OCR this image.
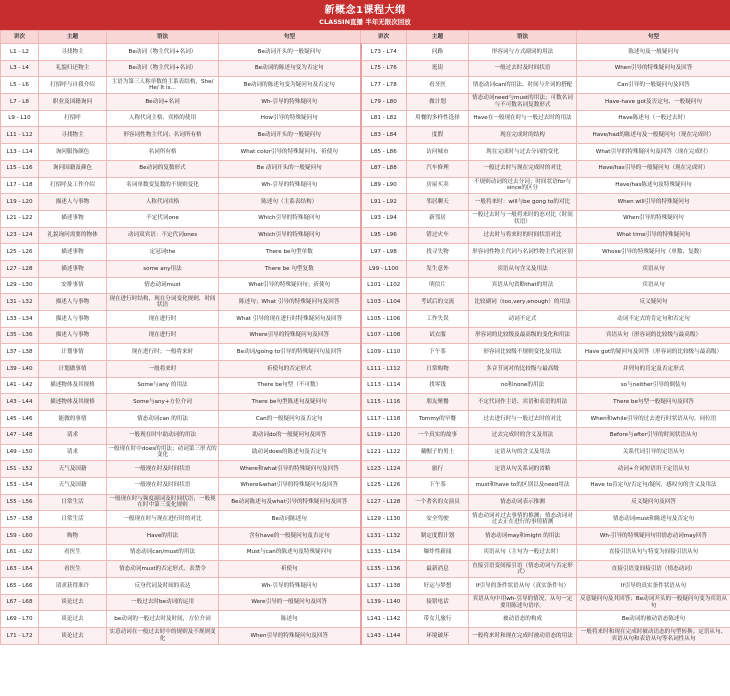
新概念1课程大纲
CLASSIN直播 半年无限次回放
讲次	主题	语法	句型	讲次	主题	语法	句型
L1 - L2	寻找物主	Be动词（物主代词+名词）	Be动词开头的一般疑问句	L73 - L74	问路	形容词与方式副词的用法	陈述句及一般疑问句
L3 - L4	礼貌归还物主	Be动词（物主代词+名词）	Be动词的陈述句变为否定句	L75 - L76	逛街	一般过去时及时间状语	When引导的特殊疑问句及回答
L5 - L6	打招呼与自我介绍	主语为第三人称单数的主系表结构，She/ He/ It is...	Be动词的陈述句变为疑问句及否定句	L77 - L78	看牙医	情态动词can的用法、时间与介词的搭配	Can引导的一般疑问句及回答
L7 - L8	职业及国籍询问	Be动词+名词	Wh-引导的特殊疑问句	L79 - L80	做计划	情态动词need与must的用法；可数名词与不可数名词复数形式	Have-have got及否定句、一般疑问句
L9 - L10	打招呼	人称代词主格、宾格的使用	How引导的特殊疑问句	L81 - L82	用餐的多样性选择	Have在一般现在时与一般过去时的用法	Have陈述句（一般过去时）
L11 - L12	寻找物主	形容词性物主代词；名词所有格	Be动词开头的一般疑问句	L83 - L84	度假	现在完成时的结构	Have/had的陈述句及一般疑问句（现在完成时）
L13 - L14	询问服饰颜色	名词所有格	What color引导的特殊疑问句、祈使句	L85 - L86	访问城市	现在完成时与过去分词的变化	What引导的特殊疑问句及回答（现在完成时）
L15 - L16	询问国籍及颜色	Be动词的复数形式	Be 动词开头的一般疑问句	L87 - L88	汽车修理	一般过去时与现在完成时的对比	Have/has引导的一般疑问句（现在完成时）
L17 - L18	打招呼及工作介绍	名词单数变复数的不规则变化	Wh-引导的特殊疑问句	L89 - L90	房屋买卖	不规则动词的过去分词；时间状语for与since的区分	Have/has陈述句及特殊疑问句
L19 - L20	描述人与事物	人称代词宾格	陈述句（主系表结构）	L91 - L92	邻居聊天	一般将来时：will与be gong to的对比	When will引导的特殊疑问句
L21 - L22	描述事物	不定代词one	Which引导的特殊疑问句	L93 - L94	新邻居	一般过去时与一般将来时的态对比（时间状语）	When引导的特殊疑问句
L23 - L24	礼貌询问需要的物体	动词双宾语：不定代词ones	Which引导的特殊疑问句	L95 - L96	错过火车	过去时与将来时的时间状语对比	What time引导的特殊疑问句
L25 - L26	描述事物	定冠词the	There be句型单数	L97 - L98	找寻失物	形容词性物主代词与名词性物主代词区别	Whose引导的特殊疑问句（单数、复数）
L27 - L28	描述事物	some any用法	There be 句型复数	L99 - L100	发生意外	宾语从句含义及用法	宾语从句
L29 - L30	安排事情	情态动词must	What引导的特殊疑问句；祈使句	L101 - L102	明信片	宾语从句省略that的用法	宾语从句
L31 - L32	描述人与事物	现在进行时结构，现在分词变化规则，时间状语	陈述句；What 引导的特殊疑问句及回答	L103 - L104	考试后的交流	比较副词（too,very,enough）的用法	反义疑问句
L33 - L34	描述人与事物	现在进行时	What 引导的现在进行时特殊疑问句及回答	L105 - L106	工作失误	动词不定式	动词不定式的肯定句和否定句
L35 - L36	描述人与事物	现在进行时	Where引导的特殊疑问句及回答	L107 - L108	试衣服	形容词的比较级及最高级的变化和用法	宾语从句（形容词的比较级与最高级）
L37 - L38	计划事情	现在进行时；一般将来时	Be动词/going to引导的特殊疑问句及回答	L109 - L110	下午茶	形容词比较级不规则变化及用法	Have got的疑问句及回答（形容词的比较级与最高级）
L39 - L40	计划做事情	一般将来时	祈使句的否定形式	L111 - L112	日常购物	多音节词对的比较级与最高级	并列句的肯定及否定形式
L41 - L42	描述物体及其规格	Some与any 的用法	There be句型（不可数）	L113 - L114	找零钱	no和none的用法	so与neither引导的倒装句
L43 - L44	描述物体及其规格	Some与any+方位介词	There be句型陈述句及疑问句	L115 - L116	朋友聚餐	不定代词作主语、宾语和表语的用法	There be句型一般疑问句及回答
L45 - L46	能做的事情	情态动词can 的用法	Can的一般疑问句及否定句	L117 - L118	Tommy的早餐	过去进行时与一般过去时的对比	When和while引导的过去进行时状语从句、同位语
L47 - L48	请求	一般现在时中助动词的用法	助动词do的一般疑问句及回答	L119 - L120	一个真实的故事	过去完成时的含义及用法	Before与after引导的时间状语从句
L49 - L50	请求	一般现在时中does的用法；动词第三形式的变化	助动词does的陈述句及否定句	L121 - L122	戴帽子的男士	定语从句的含义及用法	关系代词引导的定语从句
L51 - L52	天气及国籍	一般现在时及时间状语	Where和what引导的特殊疑问句及回答	L123 - L124	旅行	定语从句关系词的省略	动词+介词短语用于定语从句
L53 - L54	天气及国籍	一般现在时及时间状语	Where&what引导的特殊疑问句及回答	L125 - L126	下午茶	must和have to的区别以及need用法	Have to肯定句/否定句/疑问、感叹句的含义及用法
L55 - L56	日常生活	一般现在时与频度副词及时间状语；一般现在时中第三变化规则	Be动词陈述句及what引导的特殊疑问句及回答	L127 - L128	一个著名的女演员	情态动词表示推测	反义疑问句及回答
L57 - L58	日常生活	一般现在时与现在进行时的对比	Be动词陈述句	L129 - L130	安全驾驶	情态动词对过去事情的推测；情态动词对过去正在进行的事情猜测	情态动词must和陈述句及否定句
L59 - L60	购物	Have的用法	含有have的一般疑问句及否定句	L131 - L132	制定度假计划	情态动词may和might 的用法	Wh-引导的特殊疑问句用情态动词may回答
L61 - L62	看医生	情态动词can/must的用法	Must与can的陈述句及特殊疑问句	L133 - L134	爆炸性新闻	宾语从句（主句为一般过去时）	直接引语从句与特变为间接引语从句
L63 - L64	看医生	情态动词must的否定形式、表禁令	祈使句	L135 - L136	最新消息	直接引语变间接引语（情态动词与否定形式）	直接引语变间接引语（情态动词）
L65 - L66	请求获得准许	反身代词及时间的表达	Wh-引导的特殊疑问句	L137 - L138	好运与梦想	If引导的条件状语从句（真实条件句）	If引导的真实条件状语从句
L67 - L68	谈论过去	一般过去时be动词的运用	Were引导的一般疑问句及回答	L139 - L140	接错电话	宾语从句中用wh-引导的情况，从句一定要用陈述句语序。	反意疑问句及其回答；Be动词开头的一般疑问句变为宾语从句
L69 - L70	谈论过去	be动词的一般过去时及时间，方位介词	陈述句	L141 - L142	带女儿旅行	被动语态的构成	Be动词的被动语态陈述句
L71 - L72	谈论过去	实意动词在一般过去时中的规则及不规则变化	When引导的特殊疑问句及回答	L143 - L144	环境破坏	一般将来时和现在完成时被动语态的用法	一般将来时和现在完成时被动语态的句型转换；定语从句、宾语从句和表语从句等名词性从句
